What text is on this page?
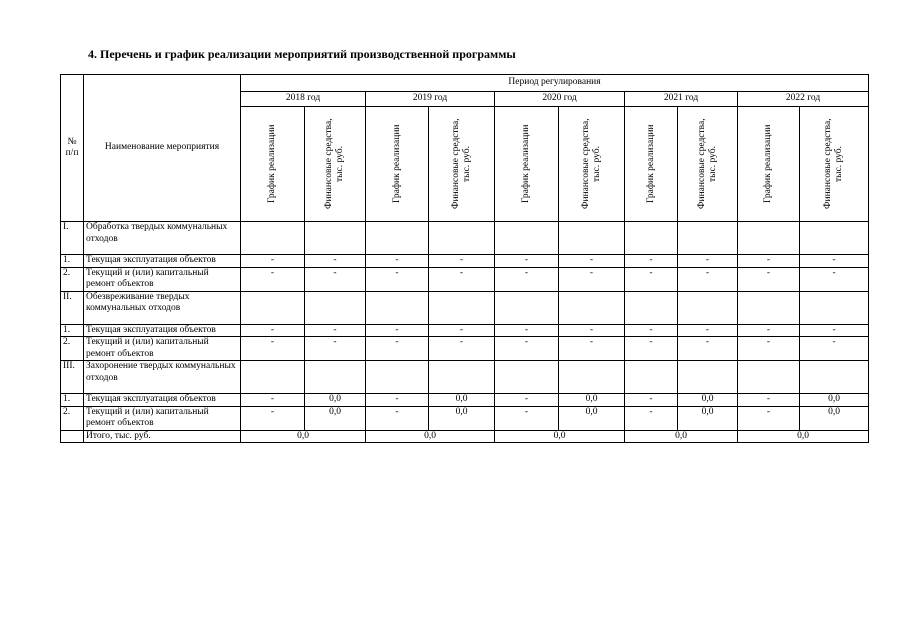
4. Перечень и график реализации мероприятий производственной программы
№
п/п	Наименование мероприятия	Период регулирования									
		2018 год		2019 год		2020 год		2021 год		2022 год	

		График реализации	Финансовые средства, тыс. руб.	График реализации	Финансовые средства, тыс. руб.	График реализации	Финансовые средства, тыс. руб.	График реализации	Финансовые средства, тыс. руб.	График реализации	Финансовые средства, тыс. руб.

I.	Обработка твердых коммунальных отходов										
1.	Текущая эксплуатация объектов	-	-	-	-	-	-	-	-	-	-
2.	Текущий и (или) капитальный ремонт объектов	-	-	-	-	-	-	-	-	-	-
II.	Обезвреживание твердых коммунальных отходов										
1.	Текущая эксплуатация объектов	-	-	-	-	-	-	-	-	-	-
2.	Текущий и (или) капитальный ремонт объектов	-	-	-	-	-	-	-	-	-	-
III.	Захоронение твердых коммунальных отходов										
1.	Текущая эксплуатация объектов	-	0,0	-	0,0	-	0,0	-	0,0	-	0,0
2.	Текущий и (или) капитальный ремонт объектов	-	0,0	-	0,0	-	0,0	-	0,0	-	0,0
	Итого, тыс. руб.	0,0		0,0		0,0		0,0		0,0	
